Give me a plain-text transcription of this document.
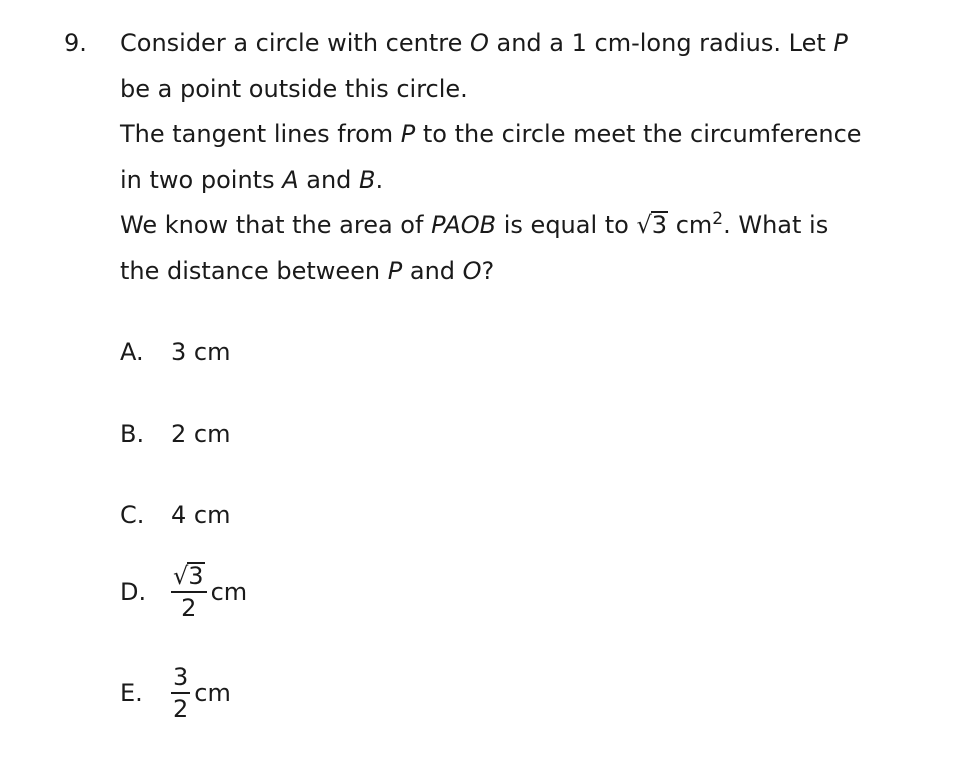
9. Consider a circle with centre O and a 1 cm-long radius. Let P
be a point outside this circle.
The tangent lines from P to the circle meet the circumference
in two points A and B.
We know that the area of PAOB is equal to √3 $cm^2$. What is
the distance between P and O?
A.	3 cm
B.	2 cm
C.	4 cm
D.	$\frac{√3}{2}$ cm
E.	$\frac{3}{2}$ cm
